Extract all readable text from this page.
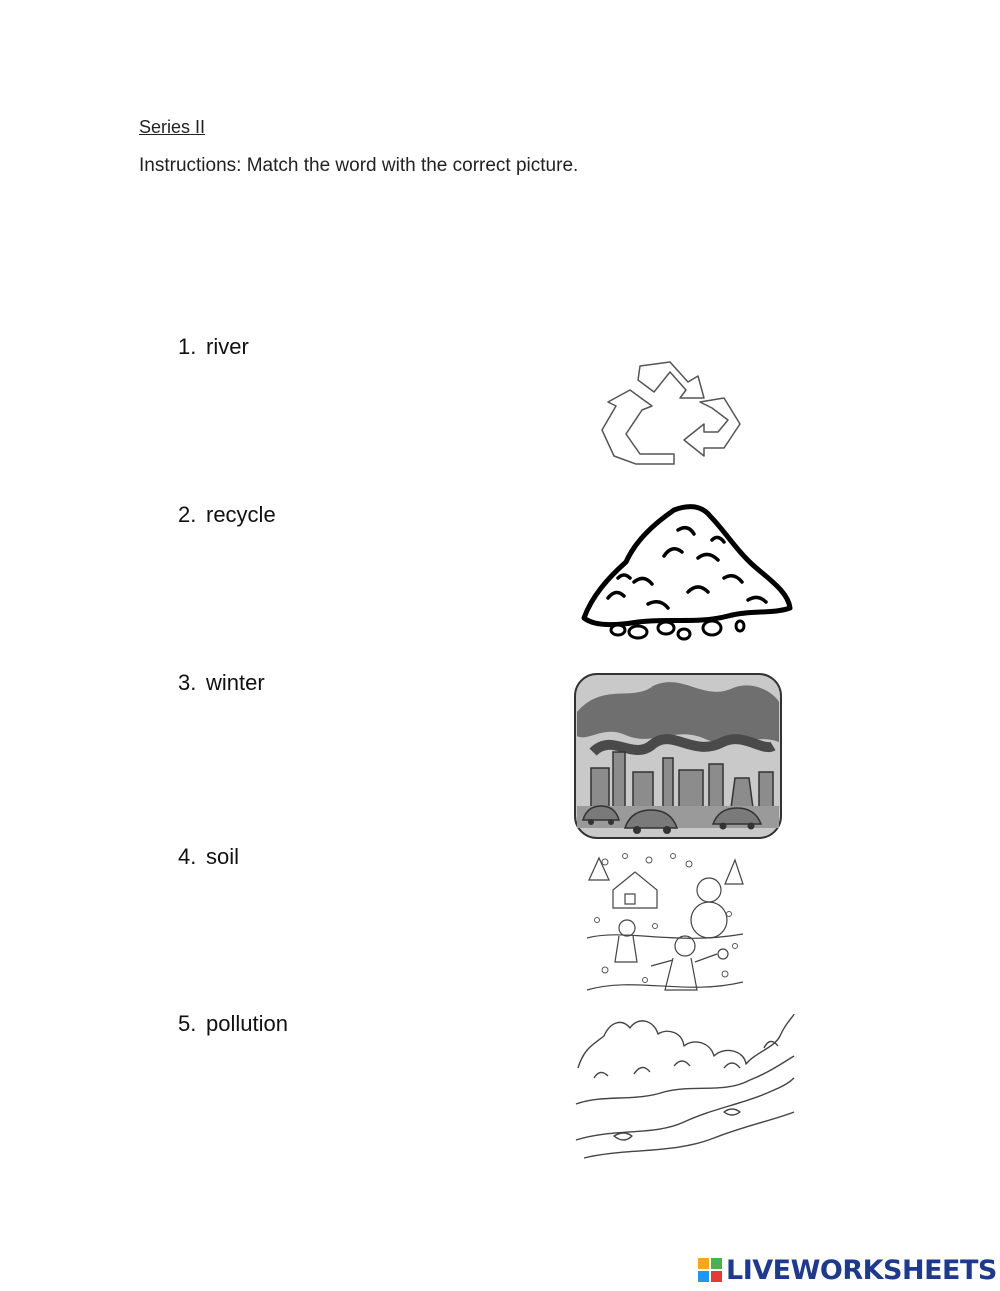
Series II
Instructions: Match the word with the correct picture.
1. river
2. recycle
3. winter
4. soil
5. pollution
LIVEWORKSHEETS
